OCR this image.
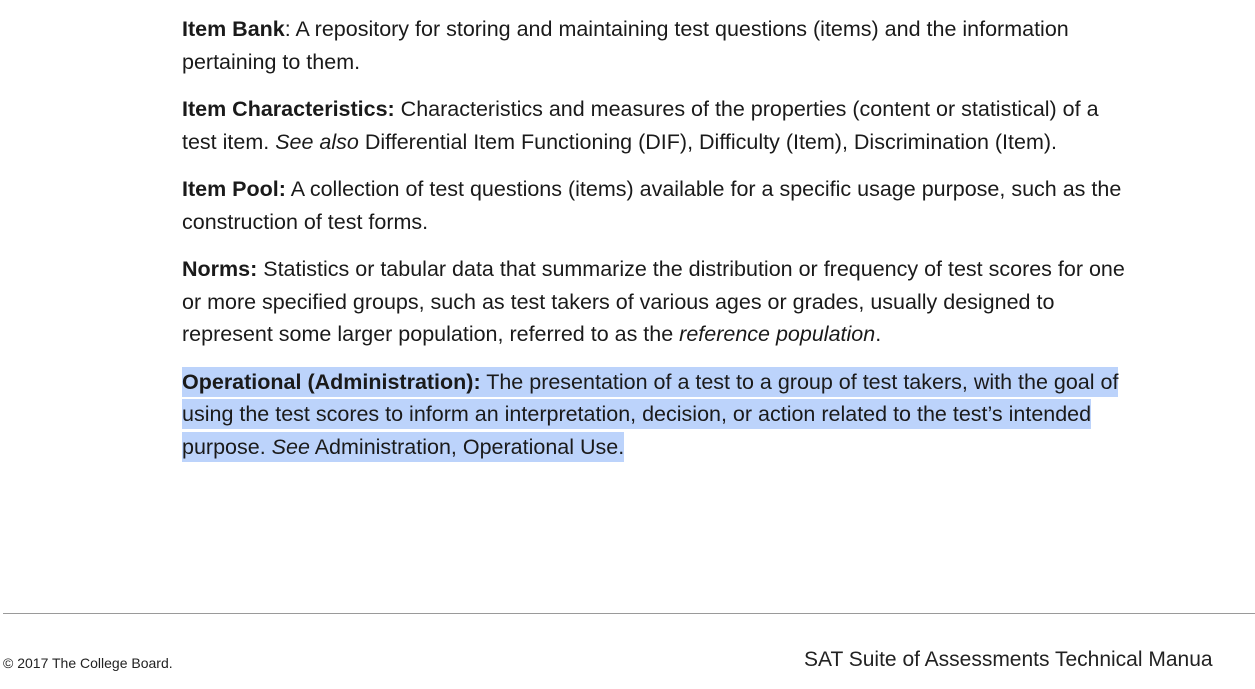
Item Bank: A repository for storing and maintaining test questions (items) and the information pertaining to them.

Item Characteristics: Characteristics and measures of the properties (content or statistical) of a test item. See also Differential Item Functioning (DIF), Difficulty (Item), Discrimination (Item).

Item Pool: A collection of test questions (items) available for a specific usage purpose, such as the construction of test forms.

Norms: Statistics or tabular data that summarize the distribution or frequency of test scores for one or more specified groups, such as test takers of various ages or grades, usually designed to represent some larger population, referred to as the reference population.

Operational (Administration): The presentation of a test to a group of test takers, with the goal of using the test scores to inform an interpretation, decision, or action related to the test’s intended purpose. See Administration, Operational Use.

© 2017 The College Board.	SAT Suite of Assessments Technical Manua
